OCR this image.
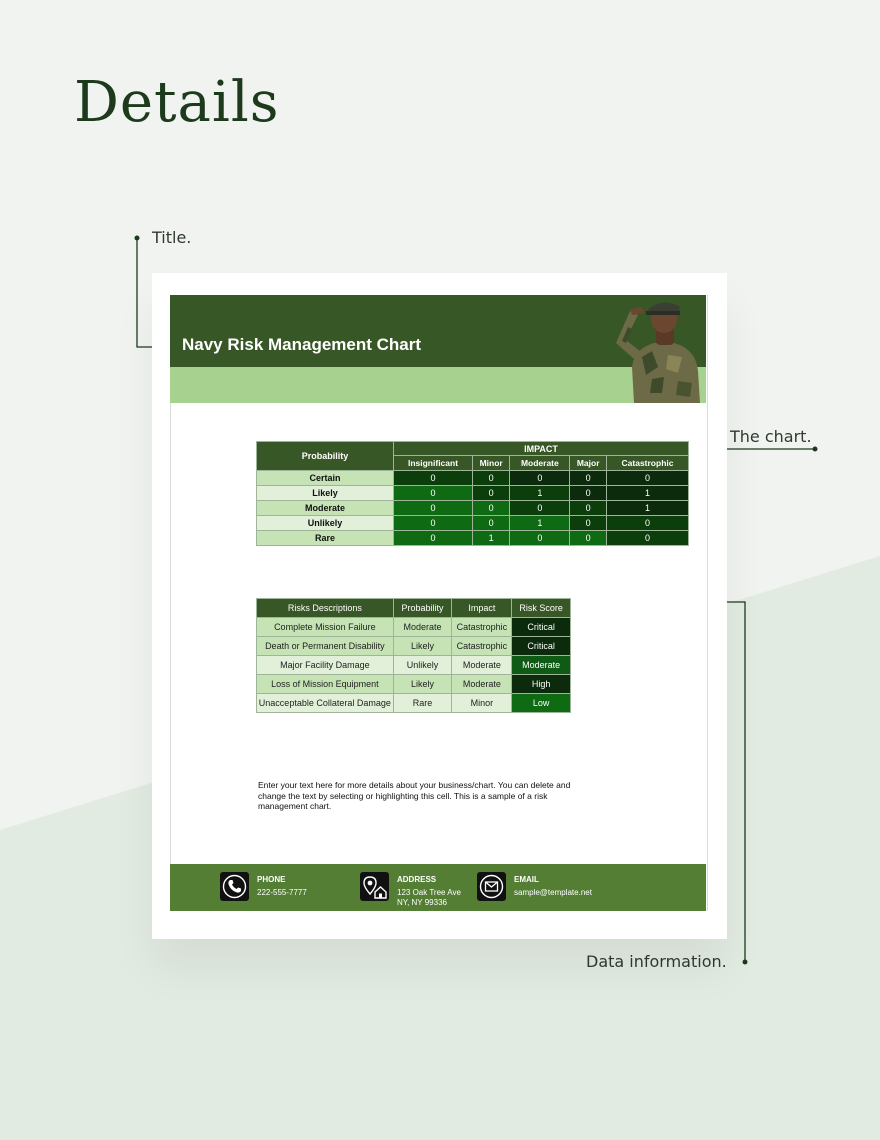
Details
Title.
The chart.
Data information.
Navy Risk Management Chart
Probability	IMPACT				
	Insignificant	Minor	Moderate	Major	Catastrophic
Certain	0	0	0	0	0
Likely	0	0	1	0	1
Moderate	0	0	0	0	1
Unlikely	0	0	1	0	0
Rare	0	1	0	0	0
Risks Descriptions	Probability	Impact	Risk Score
Complete Mission Failure	Moderate	Catastrophic	Critical
Death or Permanent Disability	Likely	Catastrophic	Critical
Major Facility Damage	Unlikely	Moderate	Moderate
Loss of Mission Equipment	Likely	Moderate	High
Unacceptable Collateral Damage	Rare	Minor	Low
Enter your text here for more details about your business/chart. You can delete and change the text by selecting or highlighting this cell. This is a sample of a risk management chart.
PHONE
222-555-7777
ADDRESS
123 Oak Tree Ave
NY, NY 99336
EMAIL
sample@template.net
